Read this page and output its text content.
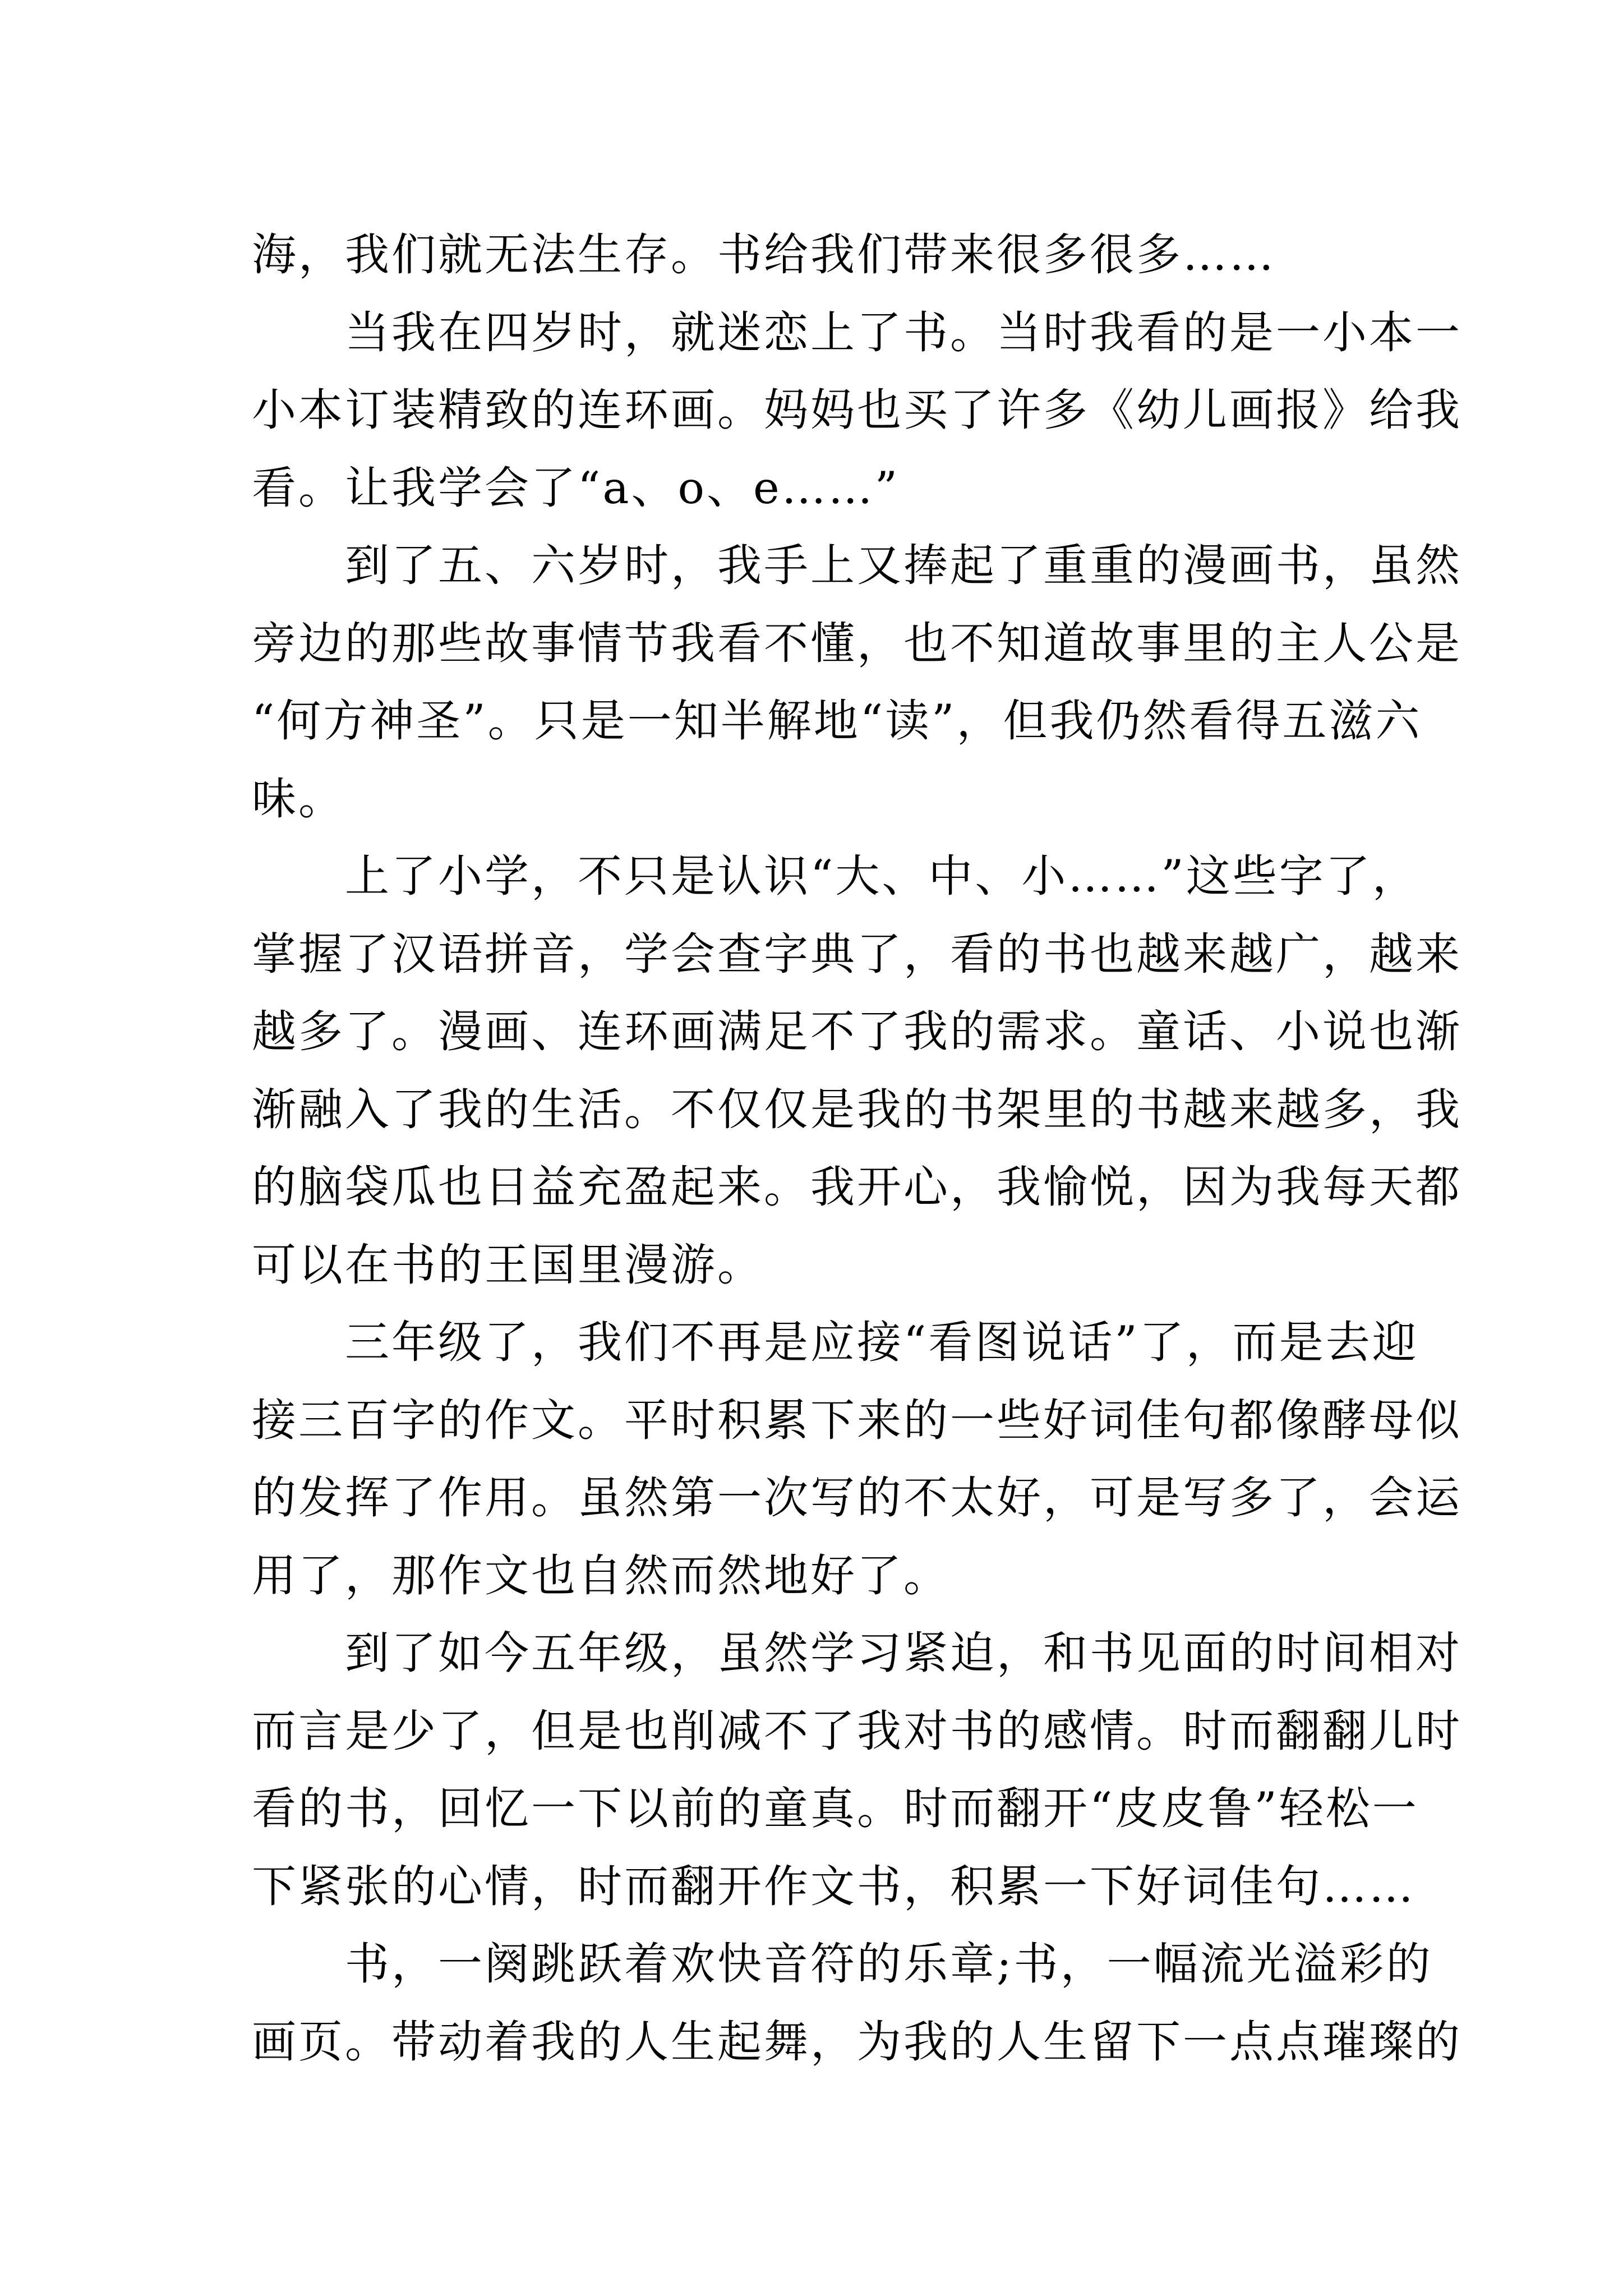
海，我们就无法生存。书给我们带来很多很多……
　　当我在四岁时，就迷恋上了书。当时我看的是一小本一
小本订装精致的连环画。妈妈也买了许多《幼儿画报》给我
看。让我学会了“a、o、e……”
　　到了五、六岁时，我手上又捧起了重重的漫画书，虽然
旁边的那些故事情节我看不懂，也不知道故事里的主人公是
“何方神圣”。只是一知半解地“读”，但我仍然看得五滋六
味。
　　上了小学，不只是认识“大、中、小……”这些字了，
掌握了汉语拼音，学会查字典了，看的书也越来越广，越来
越多了。漫画、连环画满足不了我的需求。童话、小说也渐
渐融入了我的生活。不仅仅是我的书架里的书越来越多，我
的脑袋瓜也日益充盈起来。我开心，我愉悦，因为我每天都
可以在书的王国里漫游。
　　三年级了，我们不再是应接“看图说话”了，而是去迎
接三百字的作文。平时积累下来的一些好词佳句都像酵母似
的发挥了作用。虽然第一次写的不太好，可是写多了，会运
用了，那作文也自然而然地好了。
　　到了如今五年级，虽然学习紧迫，和书见面的时间相对
而言是少了，但是也削减不了我对书的感情。时而翻翻儿时
看的书，回忆一下以前的童真。时而翻开“皮皮鲁”轻松一
下紧张的心情，时而翻开作文书，积累一下好词佳句……
　　书，一阕跳跃着欢快音符的乐章;书，一幅流光溢彩的
画页。带动着我的人生起舞，为我的人生留下一点点璀璨的
